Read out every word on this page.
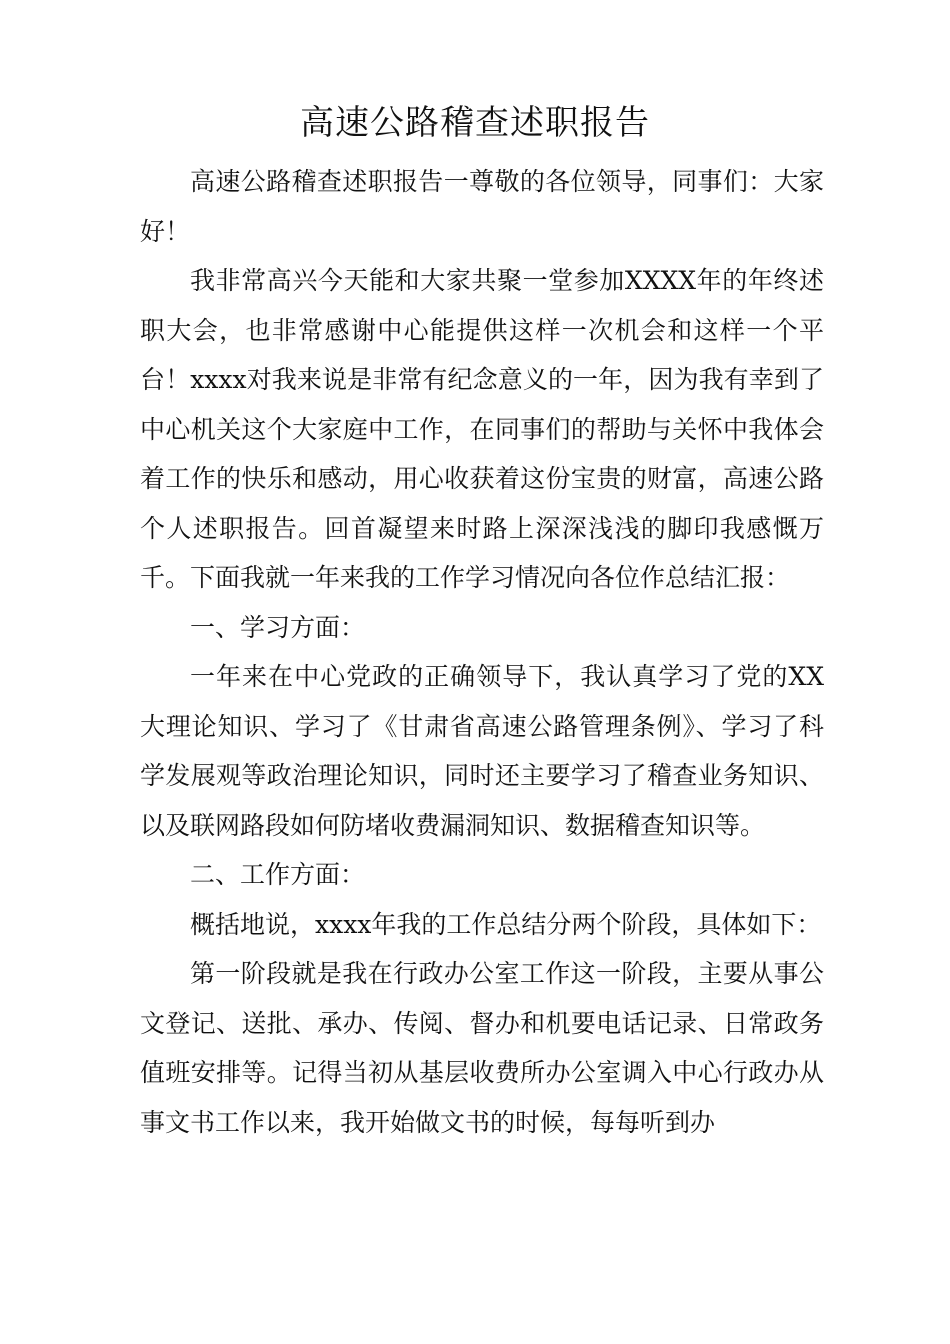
高速公路稽查述职报告

高速公路稽查述职报告一尊敬的各位领导，同事们：大家好！

我非常高兴今天能和大家共聚一堂参加XXXX年的年终述职大会，也非常感谢中心能提供这样一次机会和这样一个平台！xxxx对我来说是非常有纪念意义的一年，因为我有幸到了中心机关这个大家庭中工作，在同事们的帮助与关怀中我体会着工作的快乐和感动，用心收获着这份宝贵的财富，高速公路个人述职报告。回首凝望来时路上深深浅浅的脚印我感慨万千。下面我就一年来我的工作学习情况向各位作总结汇报：

一、学习方面：

一年来在中心党政的正确领导下，我认真学习了党的XX大理论知识、学习了《甘肃省高速公路管理条例》、学习了科学发展观等政治理论知识，同时还主要学习了稽查业务知识、以及联网路段如何防堵收费漏洞知识、数据稽查知识等。

二、工作方面：

概括地说，xxxx年我的工作总结分两个阶段，具体如下：

第一阶段就是我在行政办公室工作这一阶段，主要从事公文登记、送批、承办、传阅、督办和机要电话记录、日常政务值班安排等。记得当初从基层收费所办公室调入中心行政办从事文书工作以来，我开始做文书的时候，每每听到办
